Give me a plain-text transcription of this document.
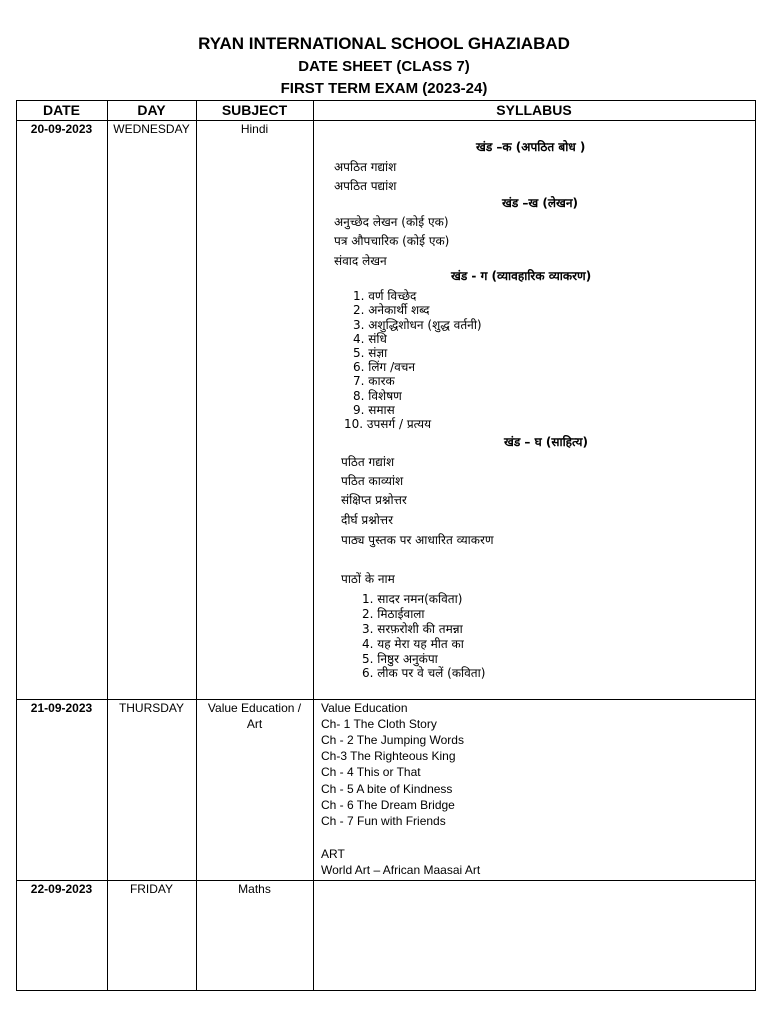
RYAN INTERNATIONAL SCHOOL GHAZIABAD
DATE SHEET (CLASS 7)
FIRST TERM EXAM (2023-24)
DATE	DAY	SUBJECT	SYLLABUS
20-09-2023	WEDNESDAY	Hindi
खंड –क (अपठित बोध )
अपठित गद्यांश
अपठित पद्यांश
खंड –ख (लेखन)
अनुच्छेद लेखन (कोई एक)
पत्र औपचारिक (कोई एक)
संवाद लेखन
खंड - ग (व्यावहारिक व्याकरण)
1. वर्ण विच्छेद
2. अनेकार्थी शब्द
3. अशुद्धिशोधन (शुद्ध वर्तनी)
4. संधि
5. संज्ञा
6. लिंग /वचन
7. कारक
8. विशेषण
9. समास
10. उपसर्ग / प्रत्यय
खंड – घ (साहित्य)
पठित गद्यांश
पठित काव्यांश
संक्षिप्त प्रश्नोत्तर
दीर्घ प्रश्नोत्तर
पाठ्य पुस्तक पर आधारित व्याकरण
पाठों के नाम
1. सादर नमन(कविता)
2. मिठाईवाला
3. सरफ़रोशी की तमन्ना
4. यह मेरा यह मीत का
5. निष्ठुर अनुकंपा
6. लीक पर वे चलें (कविता)
21-09-2023	THURSDAY	Value Education / Art
Value Education
Ch- 1 The Cloth Story
Ch - 2 The Jumping Words
Ch-3 The Righteous King
Ch - 4 This or That
Ch - 5 A bite of Kindness
Ch - 6 The Dream Bridge
Ch - 7 Fun with Friends
ART
World Art – African Maasai Art
22-09-2023	FRIDAY	Maths
